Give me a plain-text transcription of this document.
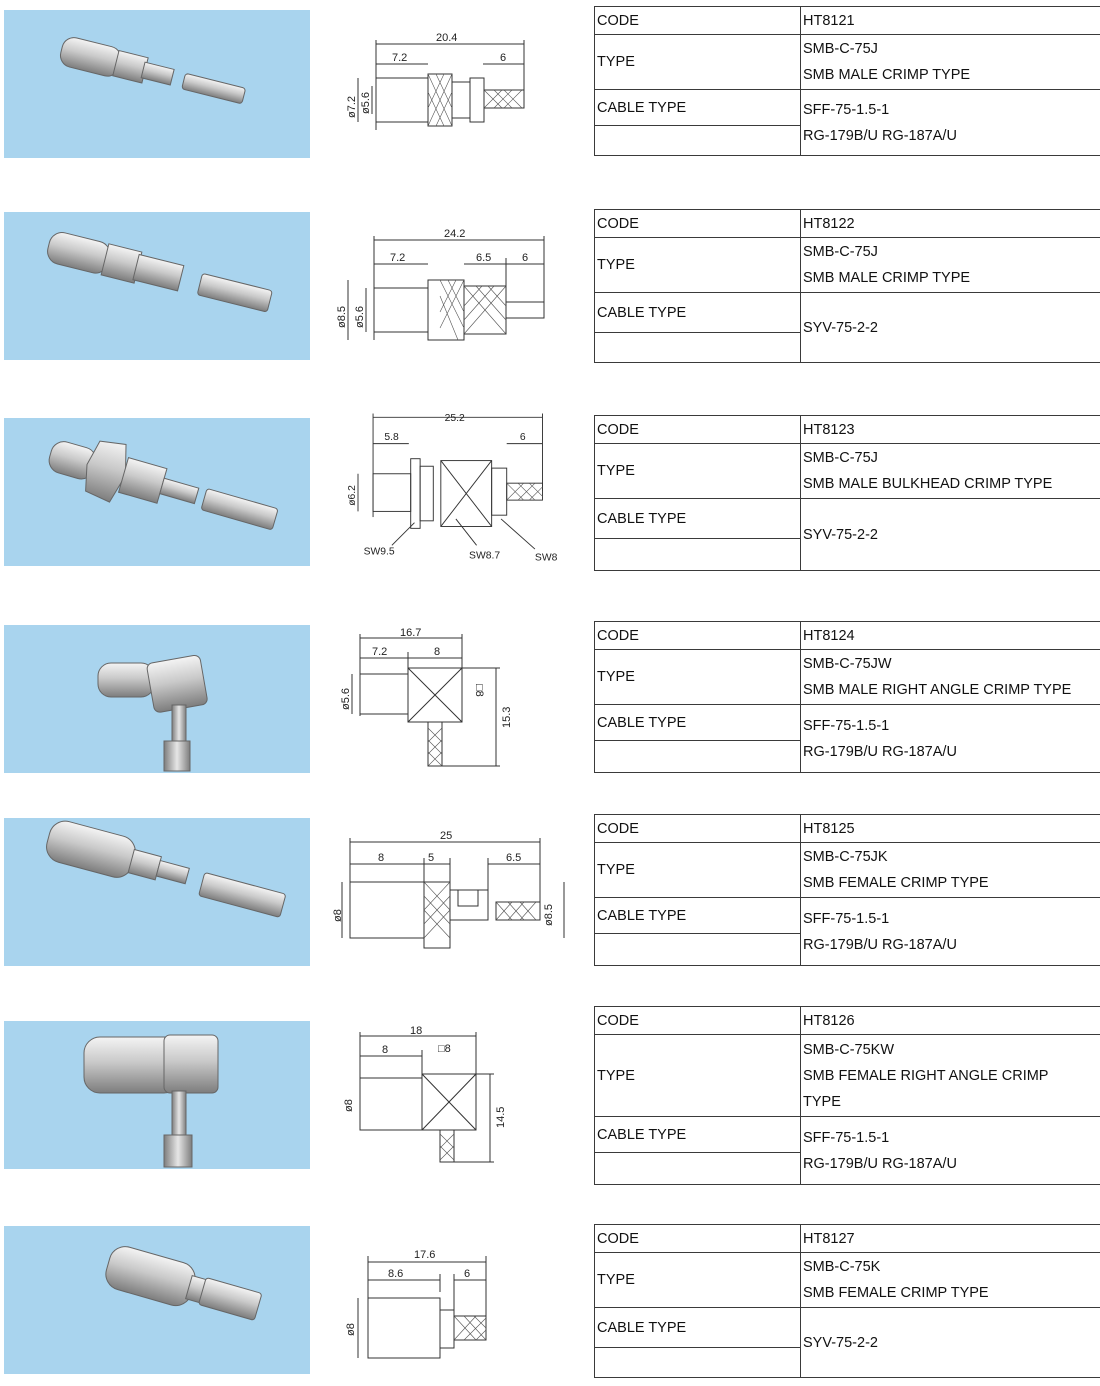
20.4
7.2	6
ø7.2 ø5.6
CODE	HT8121
TYPE	SMB-C-75J
SMB MALE CRIMP TYPE

CABLE TYPE	SFF-75-1.5-1
RG-179B/U RG-187A/U

24.2
7.2	6.5	6
ø8.5 ø5.6
CODE	HT8122
TYPE	SMB-C-75J
SMB MALE CRIMP TYPE

CABLE TYPE	SYV-75-2-2

25.2
5.8	6
ø6.2
SW9.5	SW8.7	SW8
CODE	HT8123
TYPE	SMB-C-75J
SMB MALE BULKHEAD CRIMP TYPE

CABLE TYPE	SYV-75-2-2

16.7
7.2	8
ø5.6	□8
15.3
CODE	HT8124
TYPE	SMB-C-75JW
SMB MALE RIGHT ANGLE CRIMP TYPE

CABLE TYPE	SFF-75-1.5-1
RG-179B/U RG-187A/U

25
8	5	6.5
ø8	ø8.5
CODE	HT8125
TYPE	SMB-C-75JK
SMB FEMALE CRIMP TYPE

CABLE TYPE	SFF-75-1.5-1
RG-179B/U RG-187A/U

18
8	□8
ø8
14.5
CODE	HT8126
TYPE	SMB-C-75KW
SMB FEMALE RIGHT ANGLE CRIMP
TYPE

CABLE TYPE	SFF-75-1.5-1
RG-179B/U RG-187A/U

17.6
8.6	6
ø8
CODE	HT8127
TYPE	SMB-C-75K
SMB FEMALE CRIMP TYPE

CABLE TYPE	SYV-75-2-2
